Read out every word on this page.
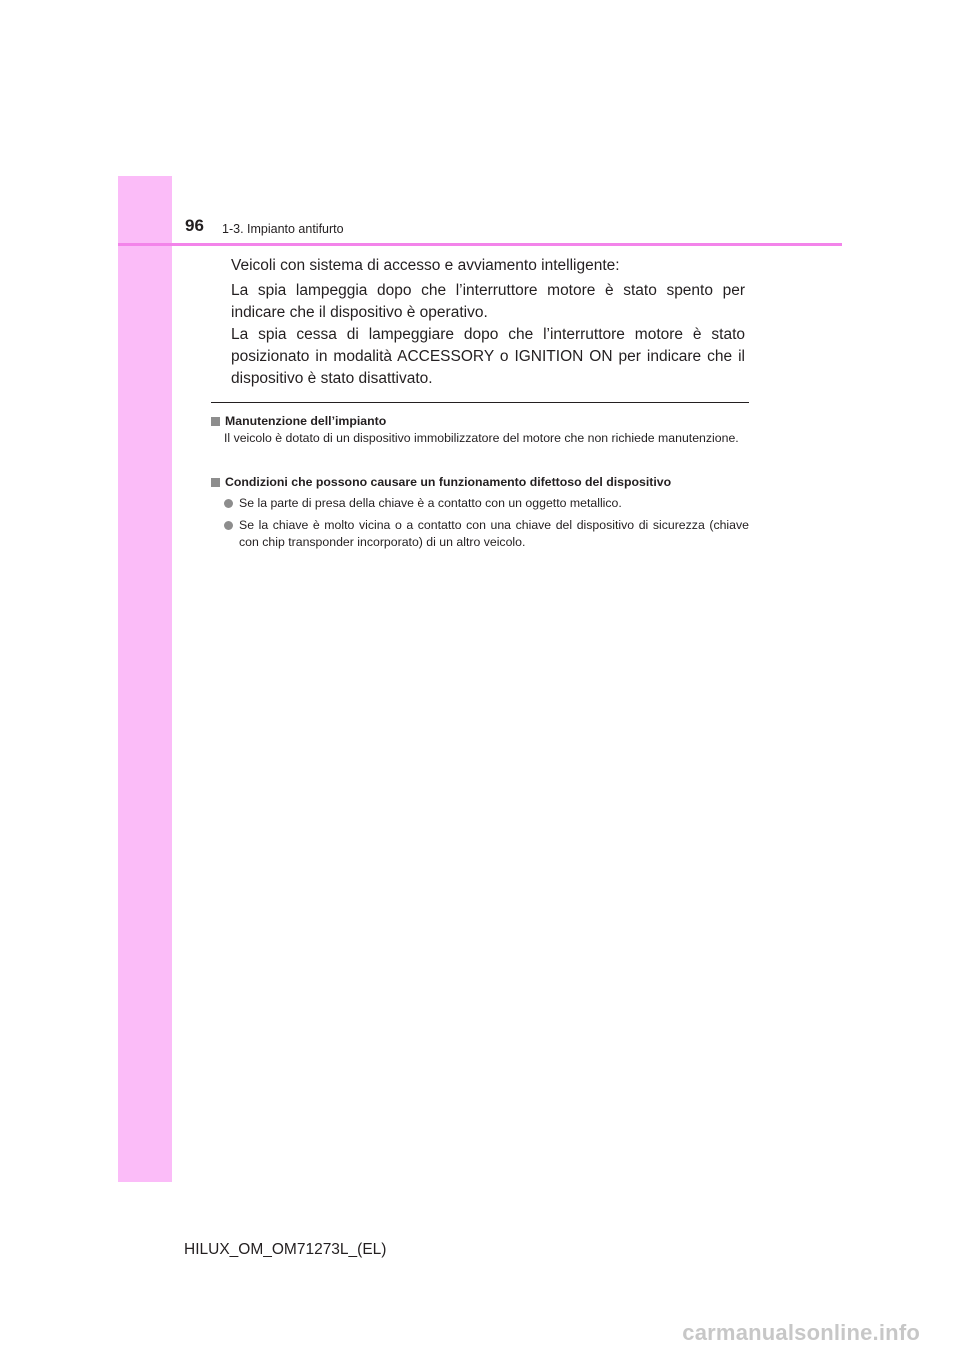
96 1-3. Impianto antifurto
Veicoli con sistema di accesso e avviamento intelligente:
La spia lampeggia dopo che l’interruttore motore è stato spento per indicare che il dispositivo è operativo.
La spia cessa di lampeggiare dopo che l’interruttore motore è stato posizionato in modalità ACCESSORY o IGNITION ON per indicare che il dispositivo è stato disattivato.
Manutenzione dell’impianto
Il veicolo è dotato di un dispositivo immobilizzatore del motore che non richiede manutenzione.
Condizioni che possono causare un funzionamento difettoso del dispositivo
Se la parte di presa della chiave è a contatto con un oggetto metallico.
Se la chiave è molto vicina o a contatto con una chiave del dispositivo di sicurezza (chiave con chip transponder incorporato) di un altro veicolo.
HILUX_OM_OM71273L_(EL)
carmanualsonline.info
